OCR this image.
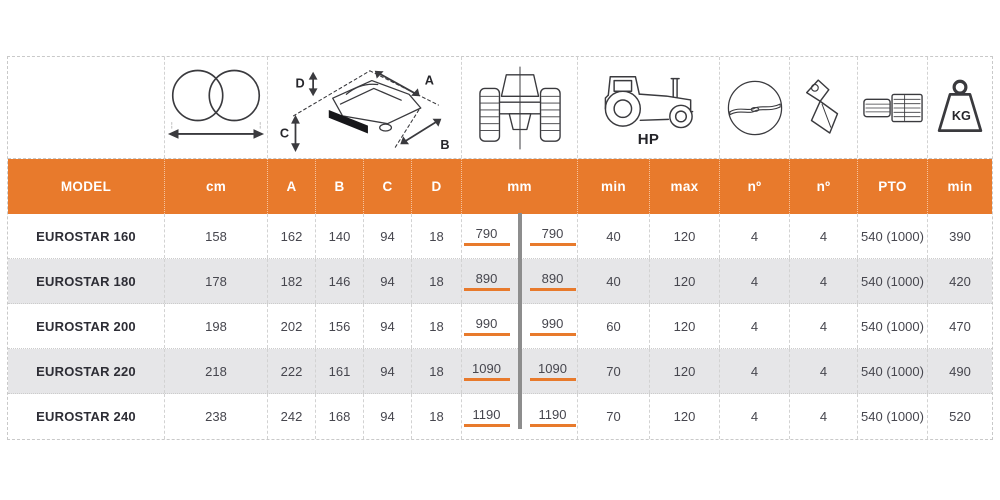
A
B
C
D
HP
KG
MODEL	cm	A	B	C	D	mm	min	max	nº	nº	PTO	min
EUROSTAR 160	158	162	140	94	18	790	790	40	120	4	4	540 (1000)	390
EUROSTAR 180	178	182	146	94	18	890	890	40	120	4	4	540 (1000)	420
EUROSTAR 200	198	202	156	94	18	990	990	60	120	4	4	540 (1000)	470
EUROSTAR 220	218	222	161	94	18	1090	1090	70	120	4	4	540 (1000)	490
EUROSTAR 240	238	242	168	94	18	1190	1190	70	120	4	4	540 (1000)	520
